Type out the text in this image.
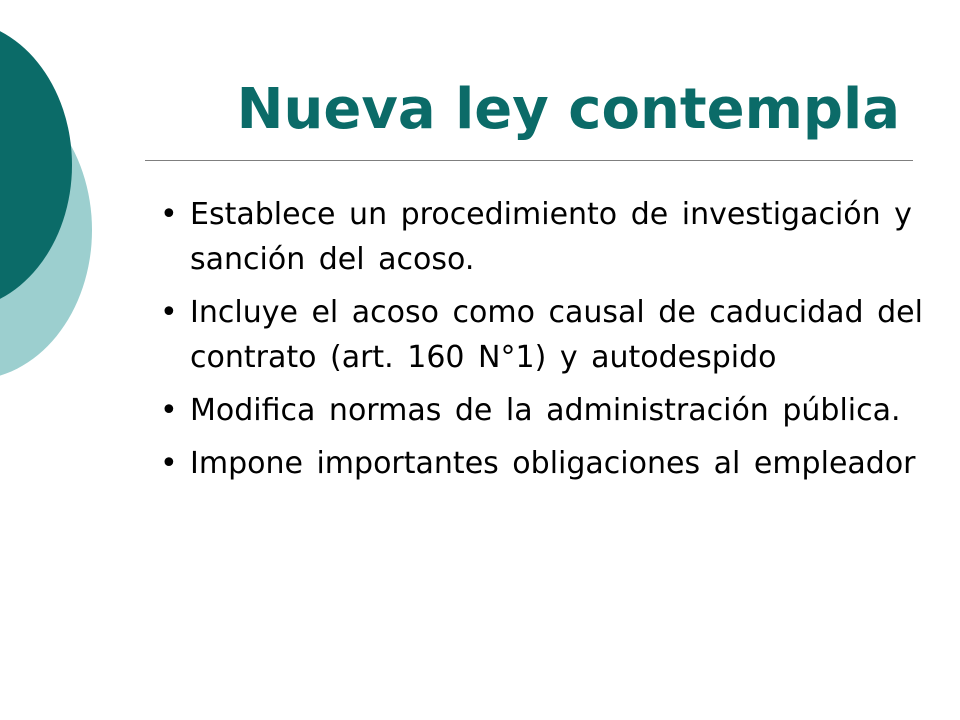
Nueva ley contempla
• Establece un procedimiento de investigación y sanción del acoso.
• Incluye el acoso como causal de caducidad del contrato (art. 160 N°1) y autodespido
• Modifica normas de la administración pública.
• Impone importantes obligaciones al empleador
